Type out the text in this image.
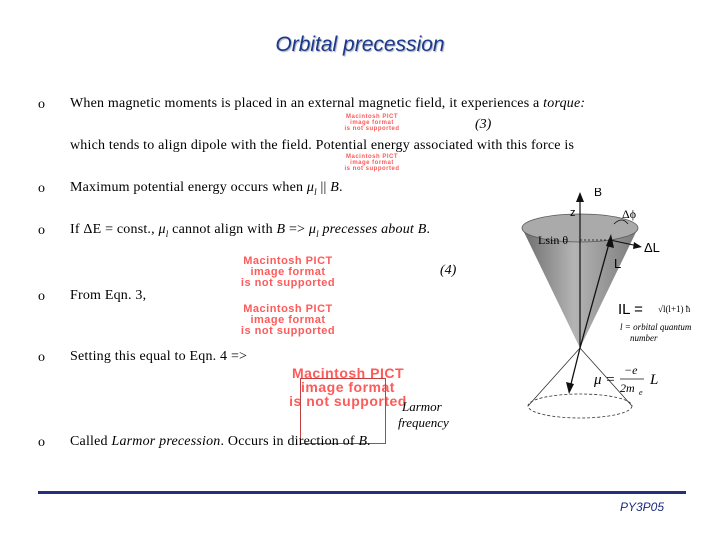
Orbital precession
o When magnetic moments is placed in an external magnetic field, it experiences a torque:
Macintosh PICT
image format
is not supported	(3)
which tends to align dipole with the field. Potential energy associated with this force is
Macintosh PICT
image format
is not supported
o Maximum potential energy occurs when $\mu_l$ || B.
o If ΔE = const., $\mu_l$ cannot align with $B => \mu_l$ precesses about B.
Macintosh PICT
image format
is not supported
(4)
o From Eqn. 3,
Macintosh PICT
image format
is not supported
o Setting this equal to Eqn. 4 =>
Macintosh PICT
image format
is not supported
Larmor
frequency
o Called Larmor precession. Occurs in direction of B.
B
z	Δϕ
Lsin θ	ΔL
L
IL = √l(l+1) ħ
l = orbital quantum
number
μ =
−e
2m e
L
PY3P05
